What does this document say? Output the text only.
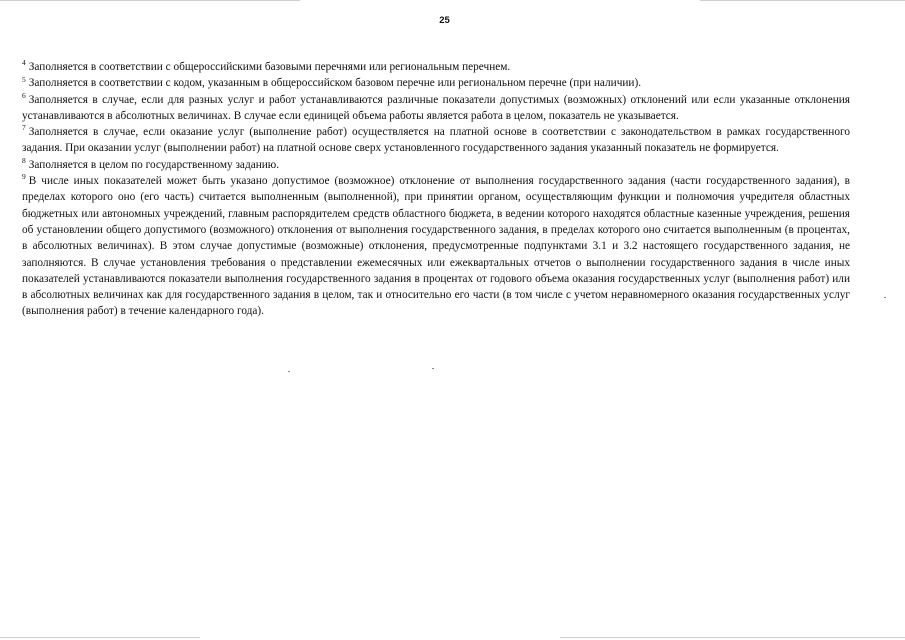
25

$^4$ Заполняется в соответствии с общероссийскими базовыми перечнями или региональным перечнем.

$^5$ Заполняется в соответствии с кодом, указанным в общероссийском базовом перечне или региональном перечне (при наличии).

$^6$ Заполняется в случае, если для разных услуг и работ устанавливаются различные показатели допустимых (возможных) отклонений или если указанные отклонения устанавливаются в абсолютных величинах. В случае если единицей объема работы является работа в целом, показатель не указывается.

$^7$ Заполняется в случае, если оказание услуг (выполнение работ) осуществляется на платной основе в соответствии с законодательством в рамках государственного задания. При оказании услуг (выполнении работ) на платной основе сверх установленного государственного задания указанный показатель не формируется.

$^8$ Заполняется в целом по государственному заданию.

$^9$ В числе иных показателей может быть указано допустимое (возможное) отклонение от выполнения государственного задания (части государственного задания), в пределах которого оно (его часть) считается выполненным (выполненной), при принятии органом, осуществляющим функции и полномочия учредителя областных бюджетных или автономных учреждений, главным распорядителем средств областного бюджета, в ведении которого находятся областные казенные учреждения, решения об установлении общего допустимого (возможного) отклонения от выполнения государственного задания, в пределах которого оно считается выполненным (в процентах, в абсолютных величинах). В этом случае допустимые (возможные) отклонения, предусмотренные подпунктами 3.1 и 3.2 настоящего государственного задания, не заполняются. В случае установления требования о представлении ежемесячных или ежеквартальных отчетов о выполнении государственного задания в числе иных показателей устанавливаются показатели выполнения государственного задания в процентах от годового объема оказания государственных услуг (выполнения работ) или в абсолютных величинах как для государственного задания в целом, так и относительно его части (в том числе с учетом неравномерного оказания государственных услуг (выполнения работ) в течение календарного года).
